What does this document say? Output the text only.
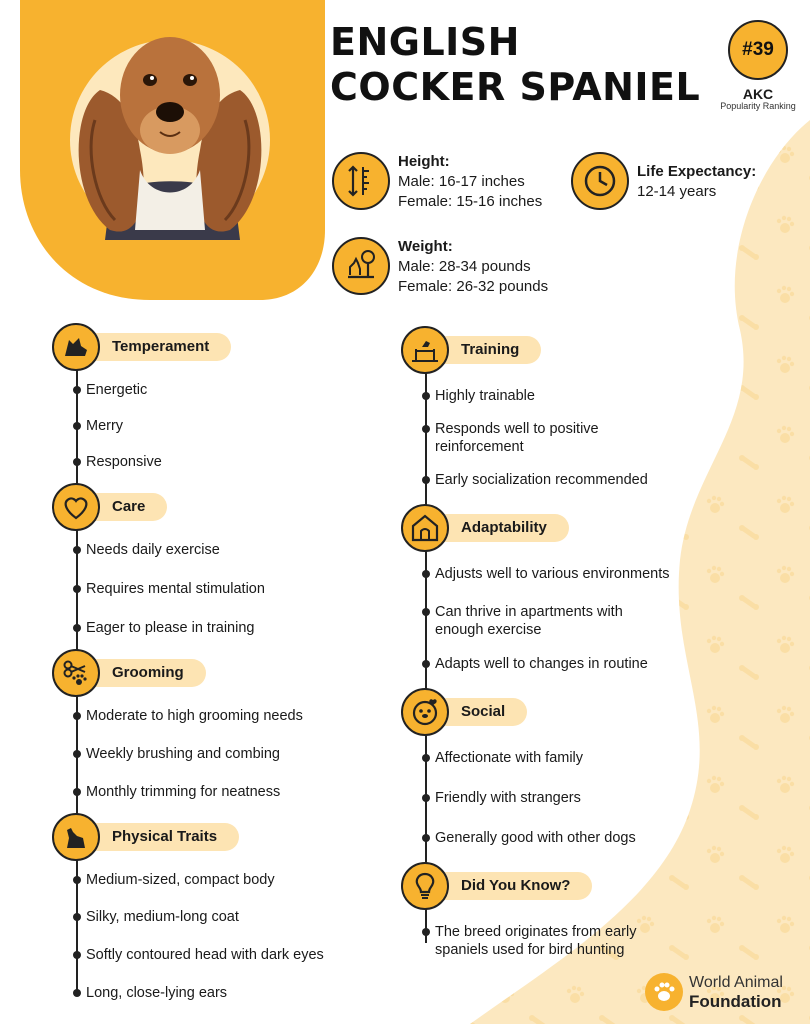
ENGLISH
COCKER SPANIEL
#39
AKC
Popularity Ranking
Height:
Male: 16-17 inches
Female: 15-16 inches
Life Expectancy:
12-14 years
Weight:
Male: 28-34 pounds
Female: 26-32 pounds
Temperament
Energetic
Merry
Responsive
Care
Needs daily exercise
Requires mental stimulation
Eager to please in training
Grooming
Moderate to high grooming needs
Weekly brushing and combing
Monthly trimming for neatness
Physical Traits
Medium-sized, compact body
Silky, medium-long coat
Softly contoured head with dark eyes
Long, close-lying ears
Training
Highly trainable
Responds well to positive reinforcement
Early socialization recommended
Adaptability
Adjusts well to various environments
Can thrive in apartments with enough exercise
Adapts well to changes in routine
Social
Affectionate with family
Friendly with strangers
Generally good with other dogs
Did You Know?
The breed originates from early spaniels used for bird hunting
World Animal
Foundation
